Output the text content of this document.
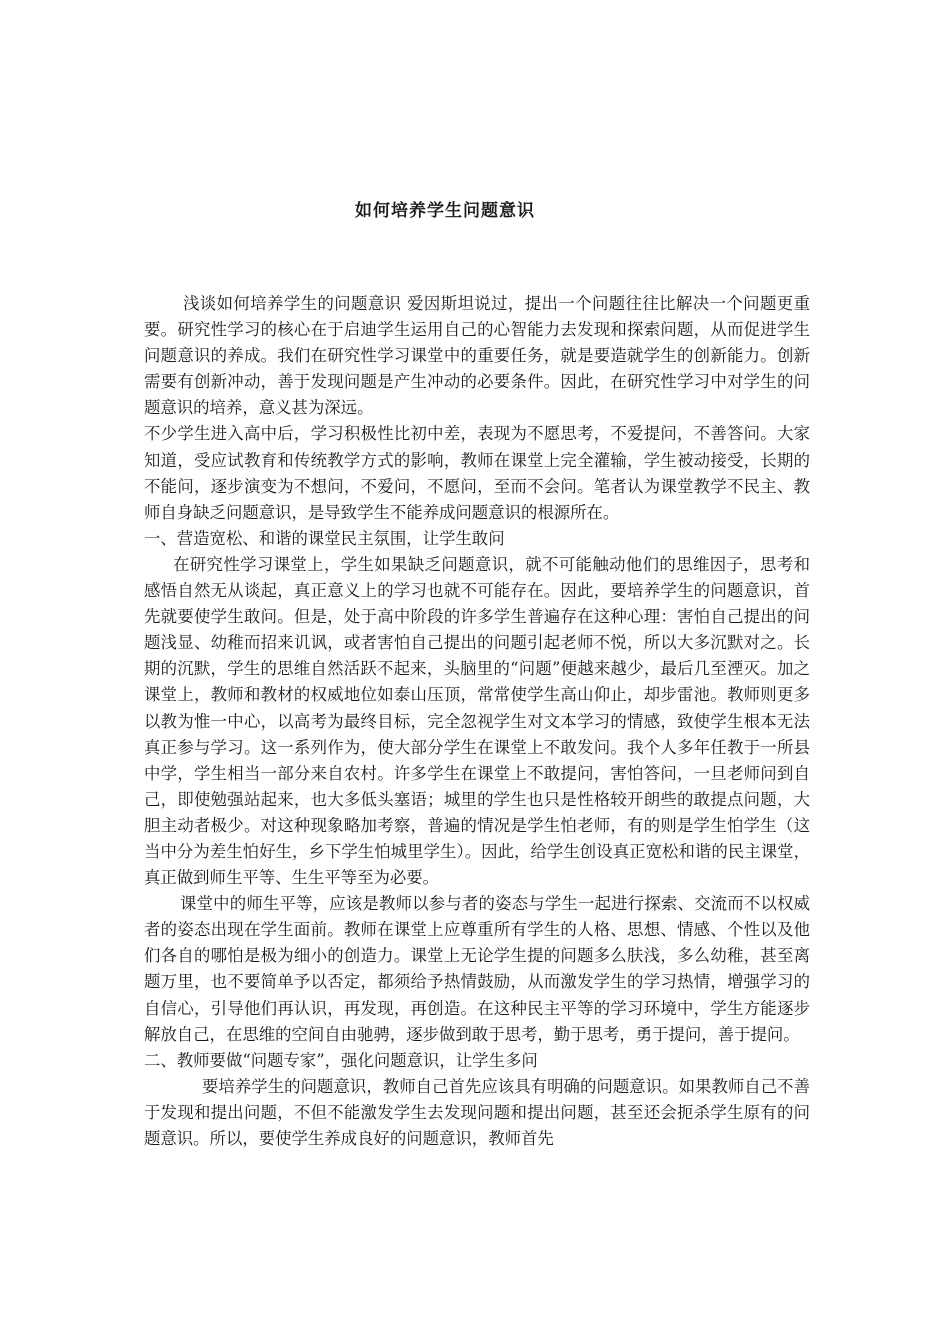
如何培养学生问题意识

浅谈如何培养学生的问题意识 爱因斯坦说过，提出一个问题往往比解决一个问题更重要。研究性学习的核心在于启迪学生运用自己的心智能力去发现和探索问题，从而促进学生问题意识的养成。我们在研究性学习课堂中的重要任务，就是要造就学生的创新能力。创新需要有创新冲动，善于发现问题是产生冲动的必要条件。因此，在研究性学习中对学生的问题意识的培养，意义甚为深远。

不少学生进入高中后，学习积极性比初中差，表现为不愿思考，不爱提问，不善答问。大家知道，受应试教育和传统教学方式的影响，教师在课堂上完全灌输，学生被动接受，长期的不能问，逐步演变为不想问，不爱问，不愿问，至而不会问。笔者认为课堂教学不民主、教师自身缺乏问题意识，是导致学生不能养成问题意识的根源所在。

一、营造宽松、和谐的课堂民主氛围，让学生敢问

在研究性学习课堂上，学生如果缺乏问题意识，就不可能触动他们的思维因子，思考和感悟自然无从谈起，真正意义上的学习也就不可能存在。因此，要培养学生的问题意识，首先就要使学生敢问。但是，处于高中阶段的许多学生普遍存在这种心理：害怕自己提出的问题浅显、幼稚而招来讥讽，或者害怕自己提出的问题引起老师不悦，所以大多沉默对之。长期的沉默，学生的思维自然活跃不起来，头脑里的“问题”便越来越少，最后几至湮灭。加之课堂上，教师和教材的权威地位如泰山压顶，常常使学生高山仰止，却步雷池。教师则更多以教为惟一中心，以高考为最终目标，完全忽视学生对文本学习的情感，致使学生根本无法真正参与学习。这一系列作为，使大部分学生在课堂上不敢发问。我个人多年任教于一所县中学，学生相当一部分来自农村。许多学生在课堂上不敢提问，害怕答问，一旦老师问到自己，即使勉强站起来，也大多低头塞语；城里的学生也只是性格较开朗些的敢提点问题，大胆主动者极少。对这种现象略加考察，普遍的情况是学生怕老师，有的则是学生怕学生（这当中分为差生怕好生，乡下学生怕城里学生）。因此，给学生创设真正宽松和谐的民主课堂，真正做到师生平等、生生平等至为必要。

课堂中的师生平等，应该是教师以参与者的姿态与学生一起进行探索、交流而不以权威者的姿态出现在学生面前。教师在课堂上应尊重所有学生的人格、思想、情感、个性以及他们各自的哪怕是极为细小的创造力。课堂上无论学生提的问题多么肤浅，多么幼稚，甚至离题万里，也不要简单予以否定，都须给予热情鼓励，从而激发学生的学习热情，增强学习的自信心，引导他们再认识，再发现，再创造。在这种民主平等的学习环境中，学生方能逐步解放自己，在思维的空间自由驰骋，逐步做到敢于思考，勤于思考，勇于提问，善于提问。

二、教师要做“问题专家”，强化问题意识，让学生多问

要培养学生的问题意识，教师自己首先应该具有明确的问题意识。如果教师自己不善于发现和提出问题，不但不能激发学生去发现问题和提出问题，甚至还会扼杀学生原有的问题意识。所以，要使学生养成良好的问题意识，教师首先
